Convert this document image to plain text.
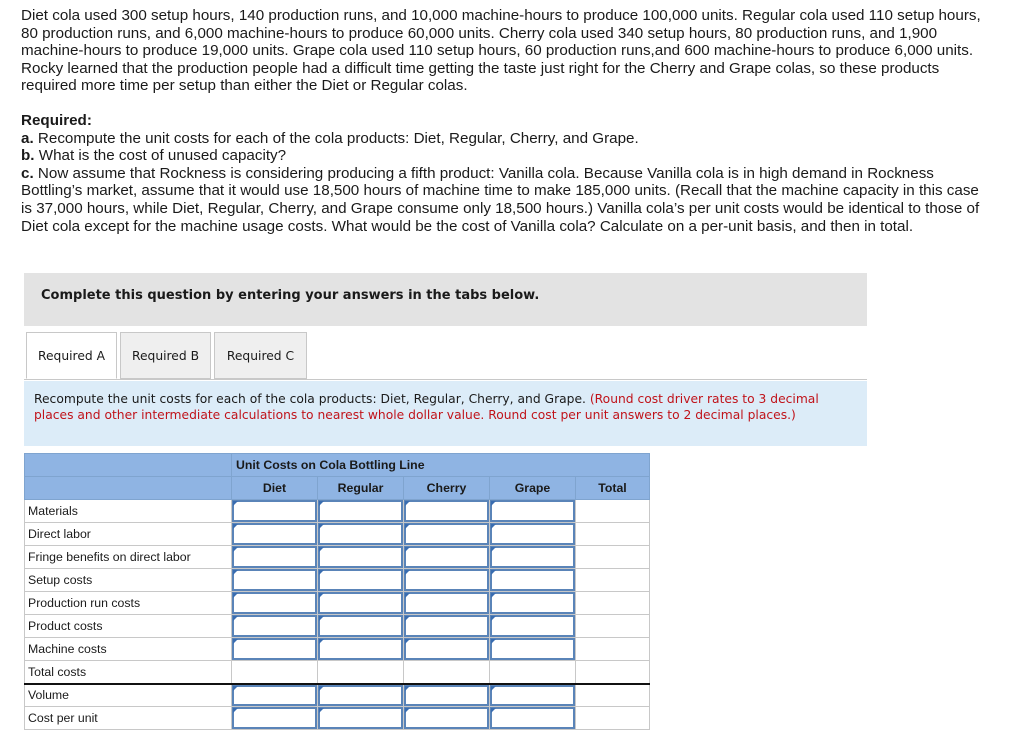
Diet cola used 300 setup hours, 140 production runs, and 10,000 machine-hours to produce 100,000 units. Regular cola used 110 setup hours, 80 production runs, and 6,000 machine-hours to produce 60,000 units. Cherry cola used 340 setup hours, 80 production runs, and 1,900 machine-hours to produce 19,000 units. Grape cola used 110 setup hours, 60 production runs,and 600 machine-hours to produce 6,000 units. Rocky learned that the production people had a difficult time getting the taste just right for the Cherry and Grape colas, so these products required more time per setup than either the Diet or Regular colas.

Required:

a. Recompute the unit costs for each of the cola products: Diet, Regular, Cherry, and Grape.

b. What is the cost of unused capacity?

c. Now assume that Rockness is considering producing a fifth product: Vanilla cola. Because Vanilla cola is in high demand in Rockness Bottling’s market, assume that it would use 18,500 hours of machine time to make 185,000 units. (Recall that the machine capacity in this case is 37,000 hours, while Diet, Regular, Cherry, and Grape consume only 18,500 hours.) Vanilla cola’s per unit costs would be identical to those of Diet cola except for the machine usage costs. What would be the cost of Vanilla cola? Calculate on a per-unit basis, and then in total.

Complete this question by entering your answers in the tabs below.
Required A	Required B	Required C
Recompute the unit costs for each of the cola products: Diet, Regular, Cherry, and Grape. (Round cost driver rates to 3 decimal places and other intermediate calculations to nearest whole dollar value. Round cost per unit answers to 2 decimal places.)
	Unit Costs on Cola Bottling Line				
	Diet	Regular	Cherry	Grape	Total
Materials					
Direct labor					
Fringe benefits on direct labor					
Setup costs					
Production run costs					
Product costs					
Machine costs					
Total costs					
Volume					
Cost per unit					
